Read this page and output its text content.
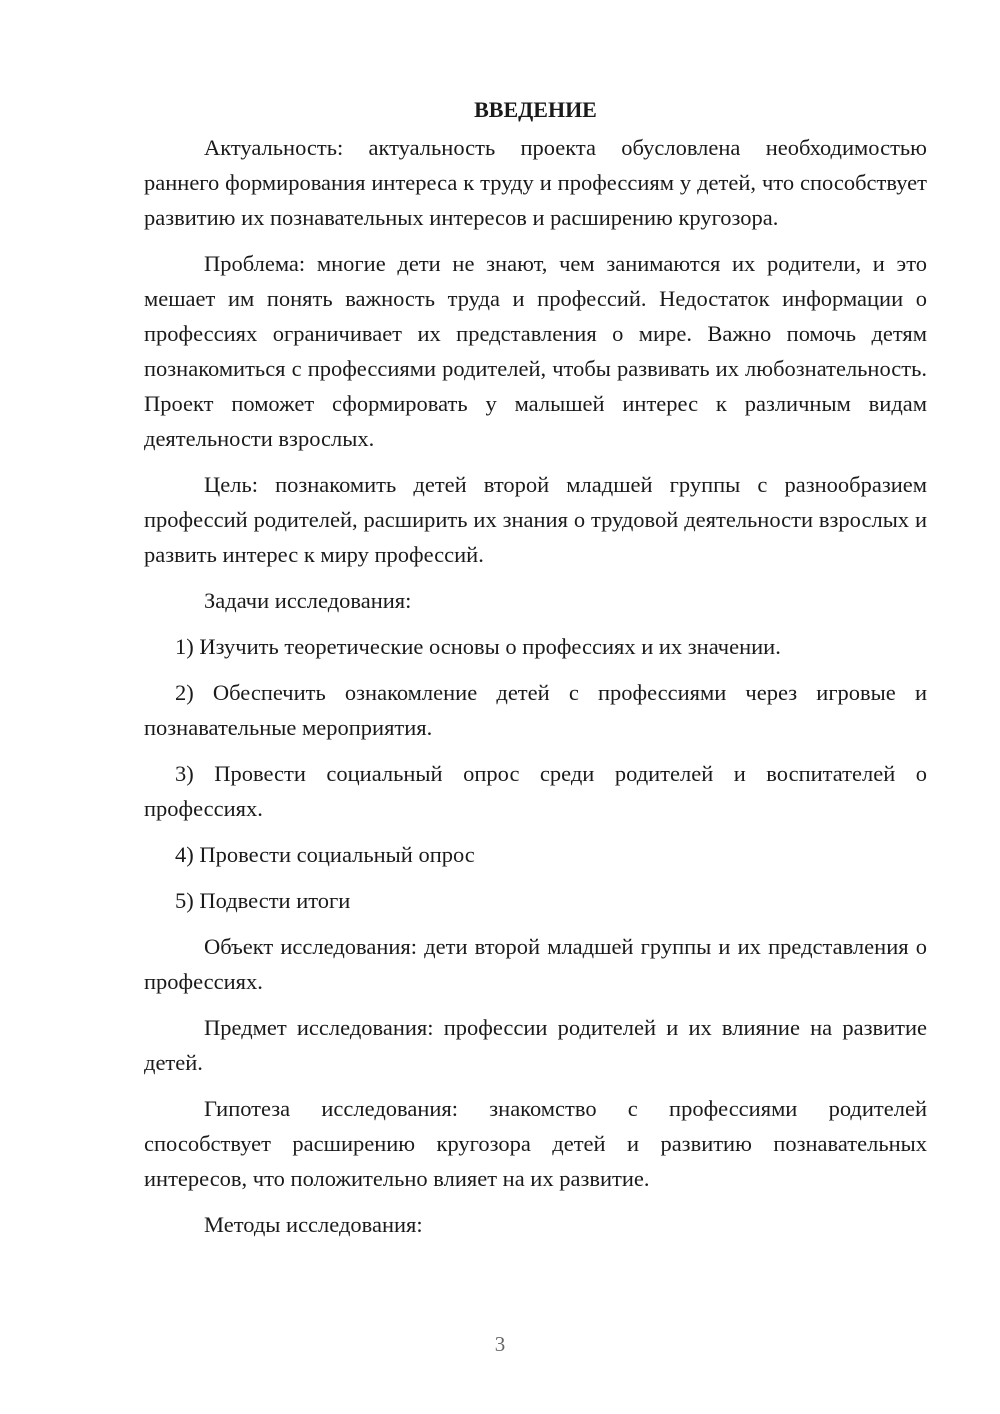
ВВЕДЕНИЕ

Актуальность: актуальность проекта обусловлена необходимостью раннего формирования интереса к труду и профессиям у детей, что способствует развитию их познавательных интересов и расширению кругозора.

Проблема: многие дети не знают, чем занимаются их родители, и это мешает им понять важность труда и профессий. Недостаток информации о профессиях ограничивает их представления о мире. Важно помочь детям познакомиться с профессиями родителей, чтобы развивать их любознательность. Проект поможет сформировать у малышей интерес к различным видам деятельности взрослых.

Цель: познакомить детей второй младшей группы с разнообразием профессий родителей, расширить их знания о трудовой деятельности взрослых и развить интерес к миру профессий.

Задачи исследования:

1) Изучить теоретические основы о профессиях и их значении.

2) Обеспечить ознакомление детей с профессиями через игровые и познавательные мероприятия.

3) Провести социальный опрос среди родителей и воспитателей о профессиях.

4) Провести социальный опрос

5) Подвести итоги

Объект исследования: дети второй младшей группы и их представления о профессиях.

Предмет исследования: профессии родителей и их влияние на развитие детей.

Гипотеза исследования: знакомство с профессиями родителей способствует расширению кругозора детей и развитию познавательных интересов, что положительно влияет на их развитие.

Методы исследования:

3
